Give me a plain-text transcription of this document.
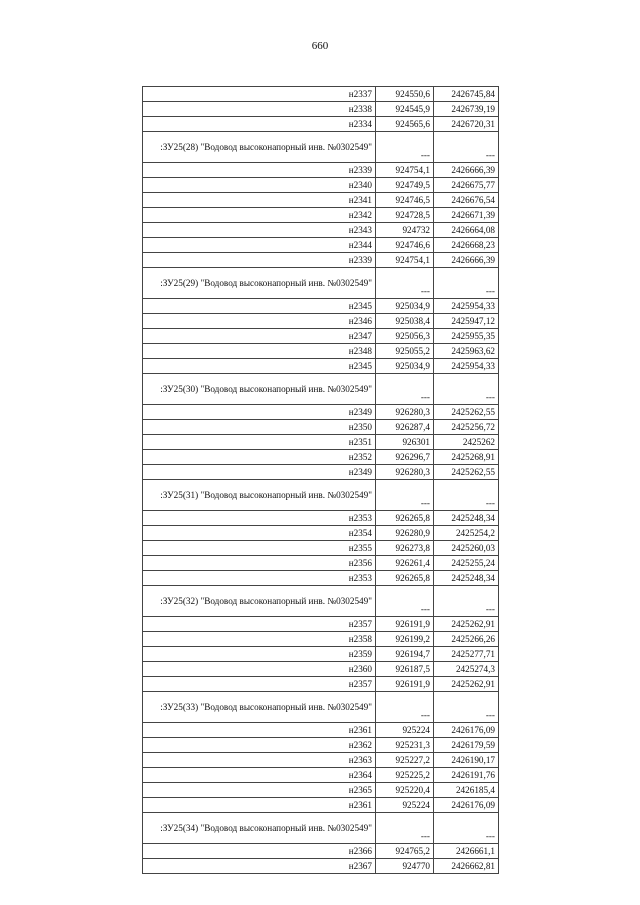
660
н2337	924550,6	2426745,84
н2338	924545,9	2426739,19
н2334	924565,6	2426720,31
:ЗУ25(28) "Водовод высоконапорный инв. №0302549"	---	---
н2339	924754,1	2426666,39
н2340	924749,5	2426675,77
н2341	924746,5	2426676,54
н2342	924728,5	2426671,39
н2343	924732	2426664,08
н2344	924746,6	2426668,23
н2339	924754,1	2426666,39
:ЗУ25(29) "Водовод высоконапорный инв. №0302549"	---	---
н2345	925034,9	2425954,33
н2346	925038,4	2425947,12
н2347	925056,3	2425955,35
н2348	925055,2	2425963,62
н2345	925034,9	2425954,33
:ЗУ25(30) "Водовод высоконапорный инв. №0302549"	---	---
н2349	926280,3	2425262,55
н2350	926287,4	2425256,72
н2351	926301	2425262
н2352	926296,7	2425268,91
н2349	926280,3	2425262,55
:ЗУ25(31) "Водовод высоконапорный инв. №0302549"	---	---
н2353	926265,8	2425248,34
н2354	926280,9	2425254,2
н2355	926273,8	2425260,03
н2356	926261,4	2425255,24
н2353	926265,8	2425248,34
:ЗУ25(32) "Водовод высоконапорный инв. №0302549"	---	---
н2357	926191,9	2425262,91
н2358	926199,2	2425266,26
н2359	926194,7	2425277,71
н2360	926187,5	2425274,3
н2357	926191,9	2425262,91
:ЗУ25(33) "Водовод высоконапорный инв. №0302549"	---	---
н2361	925224	2426176,09
н2362	925231,3	2426179,59
н2363	925227,2	2426190,17
н2364	925225,2	2426191,76
н2365	925220,4	2426185,4
н2361	925224	2426176,09
:ЗУ25(34) "Водовод высоконапорный инв. №0302549"	---	---
н2366	924765,2	2426661,1
н2367	924770	2426662,81
